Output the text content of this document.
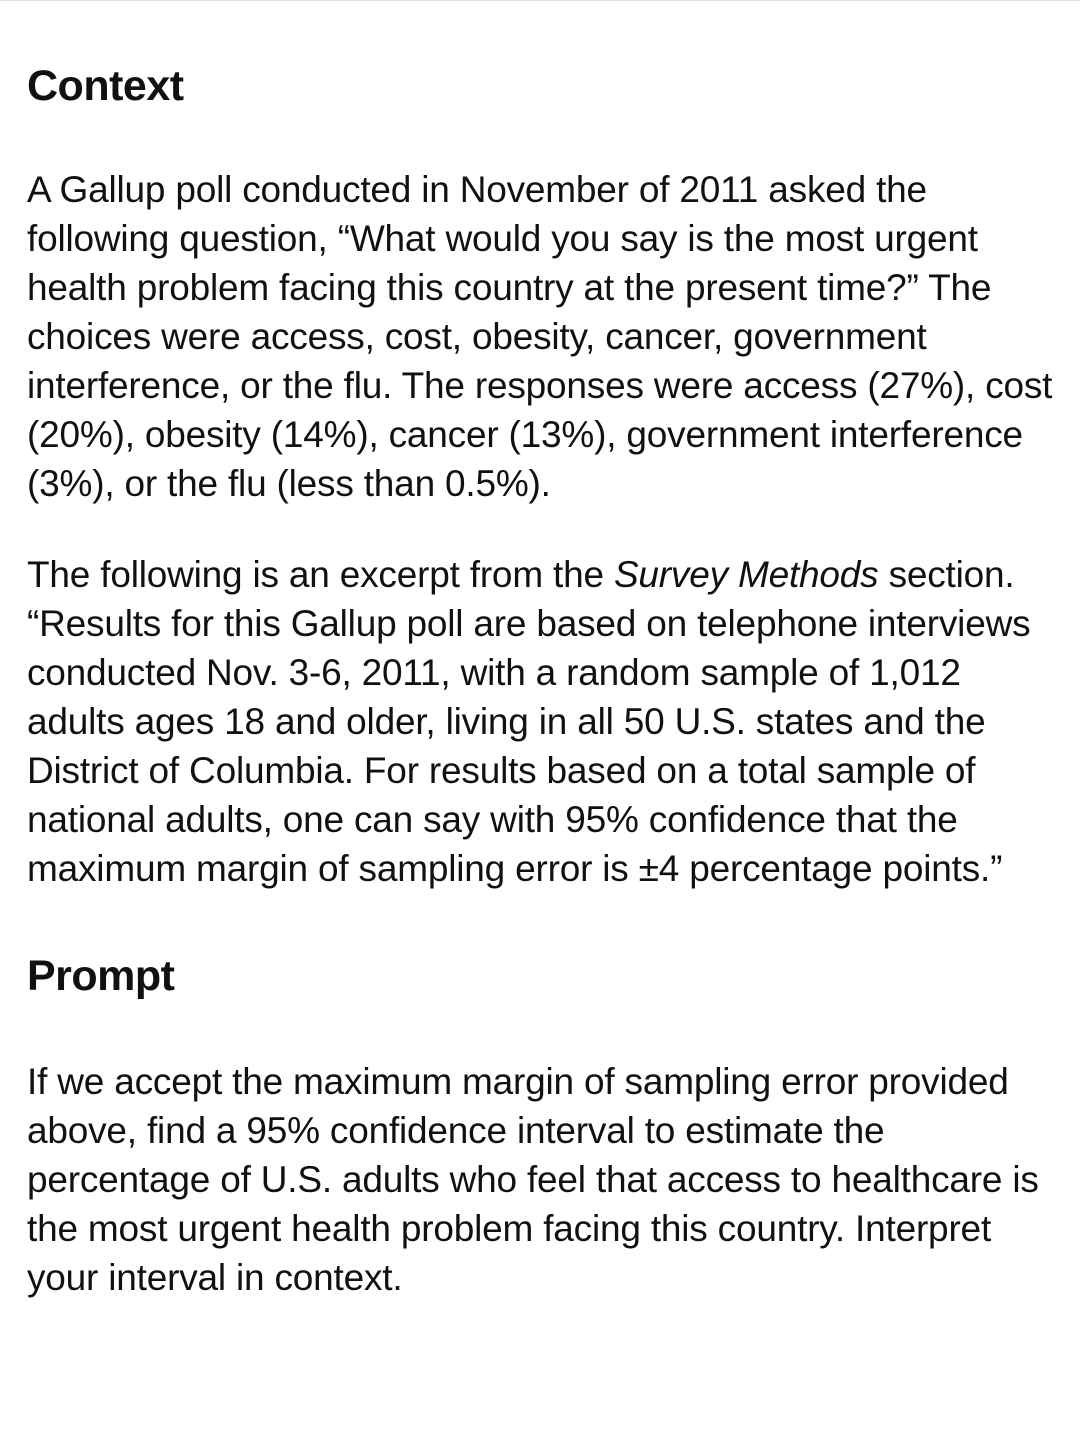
Context

A Gallup poll conducted in November of 2011 asked the following question, “What would you say is the most urgent health problem facing this country at the present time?” The choices were access, cost, obesity, cancer, government interference, or the flu. The responses were access (27%), cost (20%), obesity (14%), cancer (13%), government interference (3%), or the flu (less than 0.5%).

The following is an excerpt from the Survey Methods section. “Results for this Gallup poll are based on telephone interviews conducted Nov. 3-6, 2011, with a random sample of 1,012 adults ages 18 and older, living in all 50 U.S. states and the District of Columbia. For results based on a total sample of national adults, one can say with 95% confidence that the maximum margin of sampling error is ±4 percentage points.”

Prompt

If we accept the maximum margin of sampling error provided above, find a 95% confidence interval to estimate the percentage of U.S. adults who feel that access to healthcare is the most urgent health problem facing this country. Interpret your interval in context.
